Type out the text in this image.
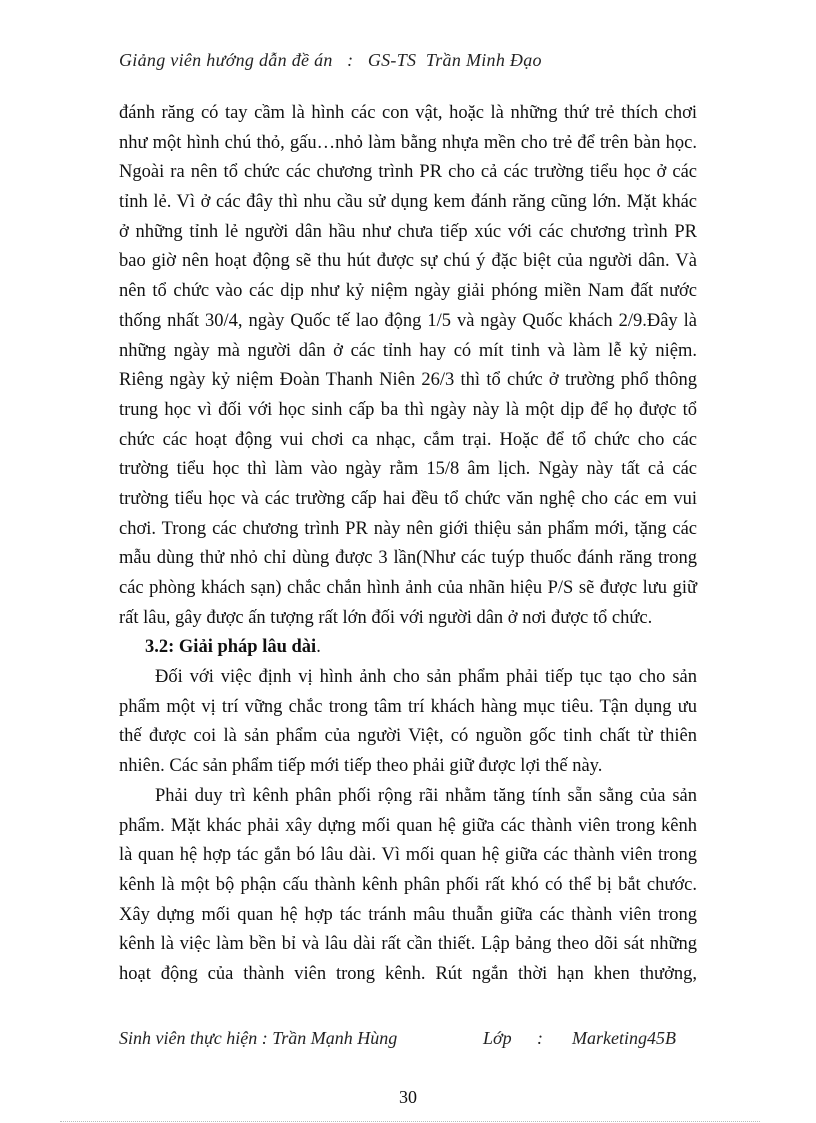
Giảng viên hướng dẫn đề án : GS-TS  Trần Minh Đạo
đánh răng có tay cầm là hình các con vật, hoặc là những thứ trẻ thích chơi
như một hình chú thỏ, gấu…nhỏ làm bằng nhựa mền cho trẻ để trên bàn học.
Ngoài ra nên tổ chức các chương trình PR cho cả các trường tiểu học ở các
tỉnh lẻ. Vì ở các đây thì nhu cầu sử dụng kem đánh răng cũng lớn. Mặt khác
ở những tỉnh lẻ người dân hầu như chưa tiếp xúc với các chương trình PR
bao giờ nên hoạt động sẽ thu hút được sự chú ý đặc biệt của người dân. Và
nên tổ chức vào các dịp như kỷ niệm ngày giải phóng miền Nam đất nước
thống nhất 30/4, ngày Quốc tế lao động 1/5 và ngày Quốc khách 2/9.Đây là
những ngày mà người dân ở các tỉnh hay có mít tinh và làm lễ kỷ niệm.
Riêng ngày kỷ niệm Đoàn Thanh Niên 26/3 thì tổ chức ở trường phổ thông
trung học vì đối với học sinh cấp ba thì ngày này là một dịp để họ được tổ
chức các hoạt động vui chơi ca nhạc, cắm trại. Hoặc để tổ chức cho các
trường tiểu học thì làm vào ngày rằm 15/8 âm lịch. Ngày này tất cả các
trường tiểu học và các trường cấp hai đều tổ chức văn nghệ cho các em vui
chơi. Trong các chương trình PR này nên giới thiệu sản phẩm mới, tặng các
mẫu dùng thử nhỏ chỉ dùng được 3 lần(Như các tuýp thuốc đánh răng trong
các phòng khách sạn) chắc chắn hình ảnh của nhãn hiệu P/S sẽ được lưu giữ
rất lâu, gây được ấn tượng rất lớn đối với người dân ở nơi được tổ chức.
3.2: Giải pháp lâu dài.
Đối với việc định vị hình ảnh cho sản phẩm phải tiếp tục tạo cho sản
phẩm một vị trí vững chắc trong tâm trí khách hàng mục tiêu. Tận dụng ưu
thế được coi là sản phẩm của người Việt, có nguồn gốc tinh chất từ thiên
nhiên. Các sản phẩm tiếp mới tiếp theo phải giữ được lợi thế này.
Phải duy trì kênh phân phối rộng rãi nhằm tăng tính sẵn sằng của sản
phẩm. Mặt khác phải xây dựng mối quan hệ giữa các thành viên trong kênh
là quan hệ hợp tác gắn bó lâu dài. Vì mối quan hệ giữa các thành viên trong
kênh là một bộ phận cấu thành kênh phân phối rất khó có thể bị bắt chước.
Xây dựng mối quan hệ hợp tác tránh mâu thuẫn giữa các thành viên trong
kênh là việc làm bền bỉ và lâu dài rất cần thiết. Lập bảng theo dõi sát những
hoạt động của thành viên trong kênh. Rút ngắn thời hạn khen thưởng,
Sinh viên thực hiện : Trần Mạnh Hùng	Lớp : Marketing45B
30
